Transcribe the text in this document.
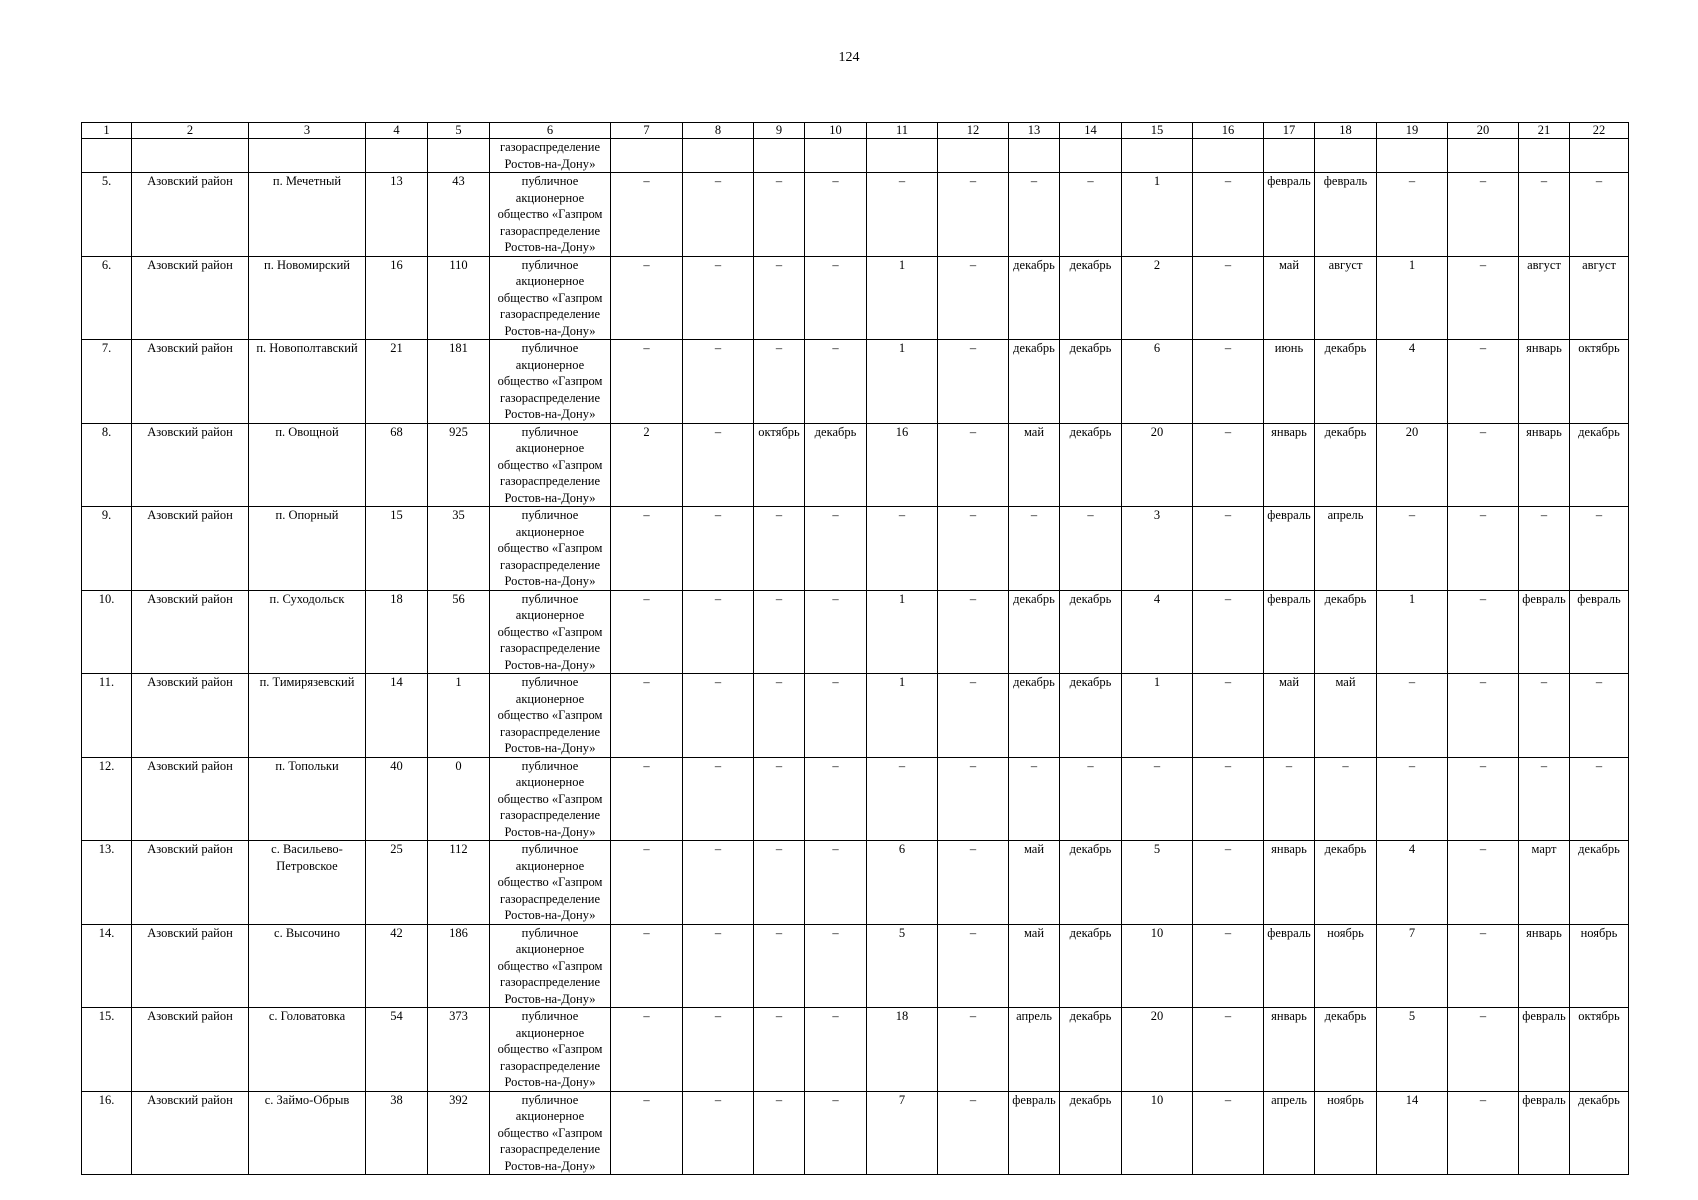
124
1	2	3	4	5	6	7	8	9	10	11	12	13	14	15	16	17	18	19	20	21	22
					газораспределение
Ростов-на-Дону»																
5.	Азовский район	п. Мечетный	13	43	публичное
акционерное
общество «Газпром
газораспределение
Ростов-на-Дону»	–	–	–	–	–	–	–	–	1	–	февраль	февраль	–	–	–	–
6.	Азовский район	п. Новомирский	16	110	публичное
акционерное
общество «Газпром
газораспределение
Ростов-на-Дону»	–	–	–	–	1	–	декабрь	декабрь	2	–	май	август	1	–	август	август
7.	Азовский район	п. Новополтавский	21	181	публичное
акционерное
общество «Газпром
газораспределение
Ростов-на-Дону»	–	–	–	–	1	–	декабрь	декабрь	6	–	июнь	декабрь	4	–	январь	октябрь
8.	Азовский район	п. Овощной	68	925	публичное
акционерное
общество «Газпром
газораспределение
Ростов-на-Дону»	2	–	октябрь	декабрь	16	–	май	декабрь	20	–	январь	декабрь	20	–	январь	декабрь
9.	Азовский район	п. Опорный	15	35	публичное
акционерное
общество «Газпром
газораспределение
Ростов-на-Дону»	–	–	–	–	–	–	–	–	3	–	февраль	апрель	–	–	–	–
10.	Азовский район	п. Суходольск	18	56	публичное
акционерное
общество «Газпром
газораспределение
Ростов-на-Дону»	–	–	–	–	1	–	декабрь	декабрь	4	–	февраль	декабрь	1	–	февраль	февраль
11.	Азовский район	п. Тимирязевский	14	1	публичное
акционерное
общество «Газпром
газораспределение
Ростов-на-Дону»	–	–	–	–	1	–	декабрь	декабрь	1	–	май	май	–	–	–	–
12.	Азовский район	п. Топольки	40	0	публичное
акционерное
общество «Газпром
газораспределение
Ростов-на-Дону»	–	–	–	–	–	–	–	–	–	–	–	–	–	–	–	–
13.	Азовский район	с. Васильево-Петровское	25	112	публичное
акционерное
общество «Газпром
газораспределение
Ростов-на-Дону»	–	–	–	–	6	–	май	декабрь	5	–	январь	декабрь	4	–	март	декабрь
14.	Азовский район	с. Высочино	42	186	публичное
акционерное
общество «Газпром
газораспределение
Ростов-на-Дону»	–	–	–	–	5	–	май	декабрь	10	–	февраль	ноябрь	7	–	январь	ноябрь
15.	Азовский район	с. Головатовка	54	373	публичное
акционерное
общество «Газпром
газораспределение
Ростов-на-Дону»	–	–	–	–	18	–	апрель	декабрь	20	–	январь	декабрь	5	–	февраль	октябрь
16.	Азовский район	с. Займо-Обрыв	38	392	публичное
акционерное
общество «Газпром
газораспределение
Ростов-на-Дону»	–	–	–	–	7	–	февраль	декабрь	10	–	апрель	ноябрь	14	–	февраль	декабрь
